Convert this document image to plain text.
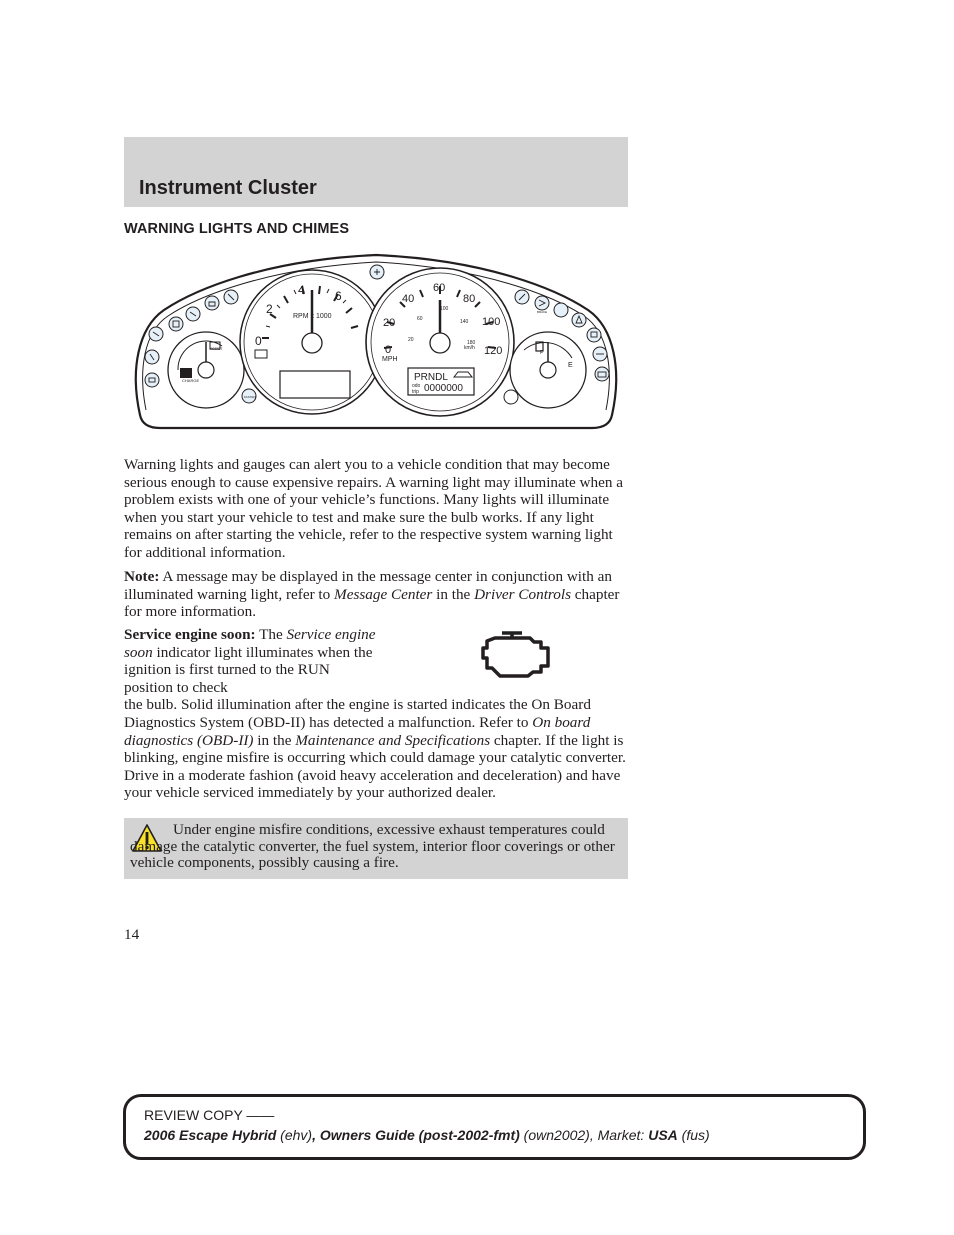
Instrument Cluster
WARNING LIGHTS AND CHIMES
CHARGE
ASSIST
0
2
4	6
RPM x 1000
0
20
40
60
80
100
120
20
60
100
140
180
km/h
MPH
PRNDL
odo
trip 0000000
E
F
BRAKE
FASTEN

Warning lights and gauges can alert you to a vehicle condition that may become serious enough to cause expensive repairs. A warning light may illuminate when a problem exists with one of your vehicle’s functions. Many lights will illuminate when you start your vehicle to test and make sure the bulb works. If any light remains on after starting the vehicle, refer to the respective system warning light for additional information.

Note: A message may be displayed in the message center in conjunction with an illuminated warning light, refer to Message Center in the Driver Controls chapter for more information.

Service engine soon: The Service engine soon indicator light illuminates when the ignition is first turned to the RUN position to check
the bulb. Solid illumination after the engine is started indicates the On Board Diagnostics System (OBD-II) has detected a malfunction. Refer to On board diagnostics (OBD-II) in the Maintenance and Specifications chapter. If the light is blinking, engine misfire is occurring which could damage your catalytic converter. Drive in a moderate fashion (avoid heavy acceleration and deceleration) and have your vehicle serviced immediately by your authorized dealer.

Under engine misfire conditions, excessive exhaust temperatures could damage the catalytic converter, the fuel system, interior floor coverings or other vehicle components, possibly causing a fire.

14

REVIEW COPY ——

2006 Escape Hybrid (ehv), Owners Guide (post-2002-fmt) (own2002), Market: USA (fus)
